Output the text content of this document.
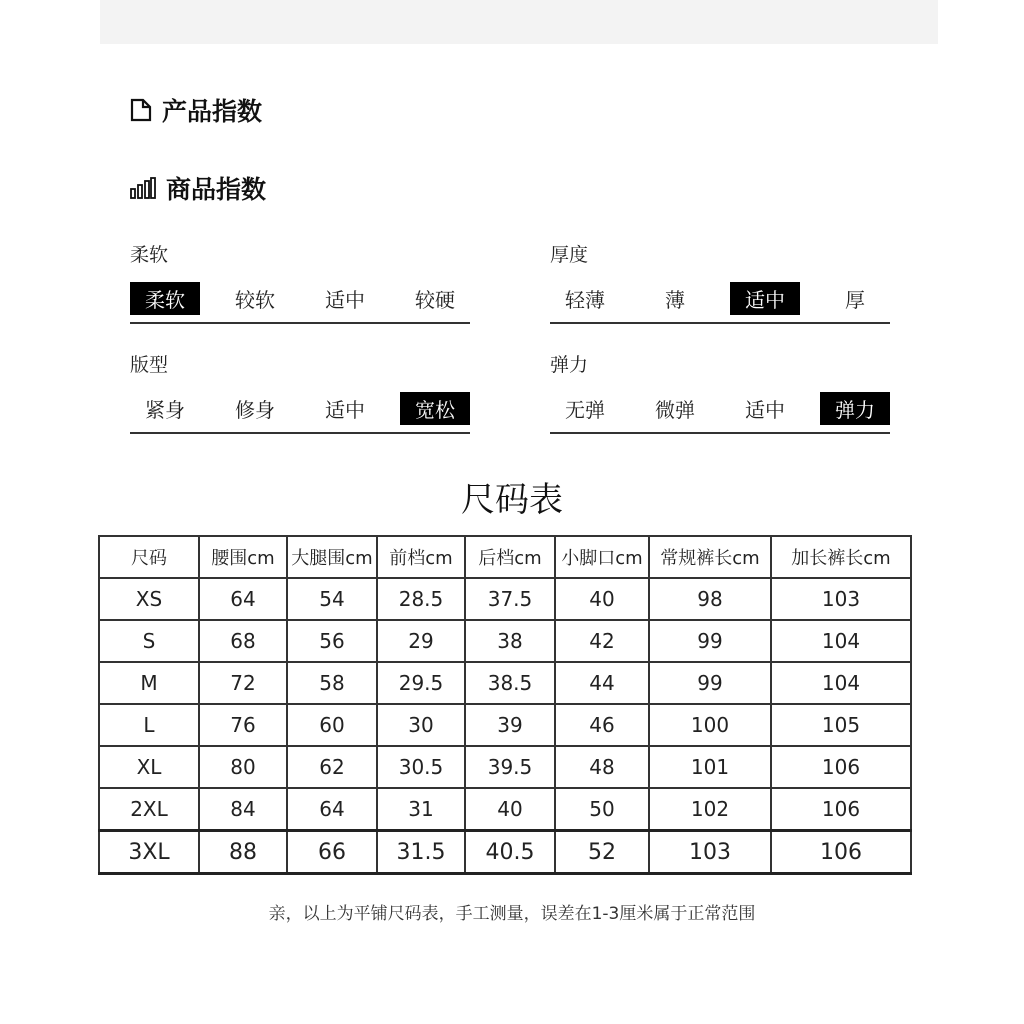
产品指数
商品指数
柔软
柔软	较软	适中	较硬
厚度
轻薄	薄	适中	厚
版型
紧身	修身	适中	宽松
弹力
无弹	微弹	适中	弹力
尺码表
尺码	腰围cm	大腿围cm	前档cm	后档cm	小脚口cm	常规裤长cm	加长裤长cm
XS	64	54	28.5	37.5	40	98	103
S	68	56	29	38	42	99	104
M	72	58	29.5	38.5	44	99	104
L	76	60	30	39	46	100	105
XL	80	62	30.5	39.5	48	101	106
2XL	84	64	31	40	50	102	106
3XL	88	66	31.5	40.5	52	103	106
亲，以上为平铺尺码表，手工测量，误差在1-3厘米属于正常范围
